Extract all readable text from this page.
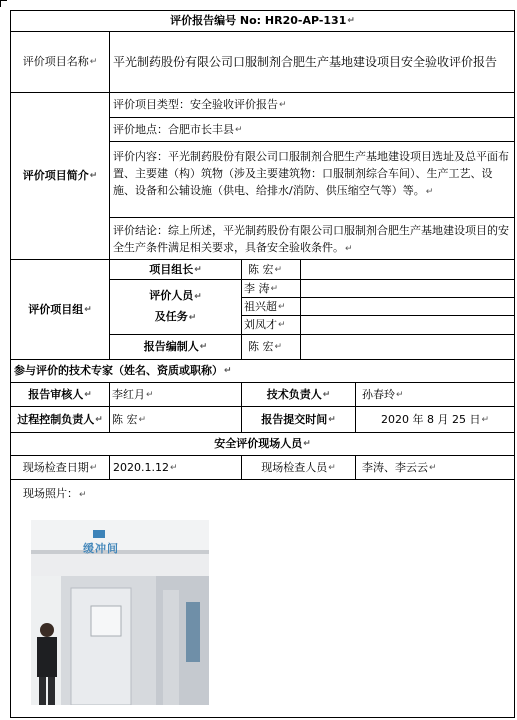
评价报告编号 No: HR20-AP-131 ↵
评价项目名称 ↵ 平光制药股份有限公司口服制剂合肥生产基地建设项目安全验收评价报告
评价项目简介 ↵
评价项目类型：安全验收评价报告 ↵
评价地点：合肥市长丰县 ↵
评价内容：平光制药股份有限公司口服制剂合肥生产基地建设项目选址及总平面布置、主要建（构）筑物（涉及主要建筑物：口服制剂综合车间）、生产工艺、设施、设备和公辅设施（供电、给排水/消防、供压缩空气等）等。↵
评价结论：综上所述，平光制药股份有限公司口服制剂合肥生产基地建设项目的安全生产条件满足相关要求，具备安全验收条件。↵
评价项目组 ↵
项目组长 ↵	陈 宏 ↵
评价人员↵
及任务↵
李 涛 ↵
祖兴超 ↵
刘凤才 ↵
报告编制人 ↵	陈 宏 ↵
参与评价的技术专家（姓名、资质或职称） ↵
报告审核人 ↵ 李红月 ↵	技术负责人 ↵	孙春玲 ↵
过程控制负责人 ↵ 陈 宏 ↵	报告提交时间 ↵	2020 年 8 月 25 日 ↵
安全评价现场人员 ↵
现场检查日期 ↵ 2020.1.12 ↵	现场检查人员 ↵ 李涛、李云云 ↵
现场照片：↵
缓冲间
